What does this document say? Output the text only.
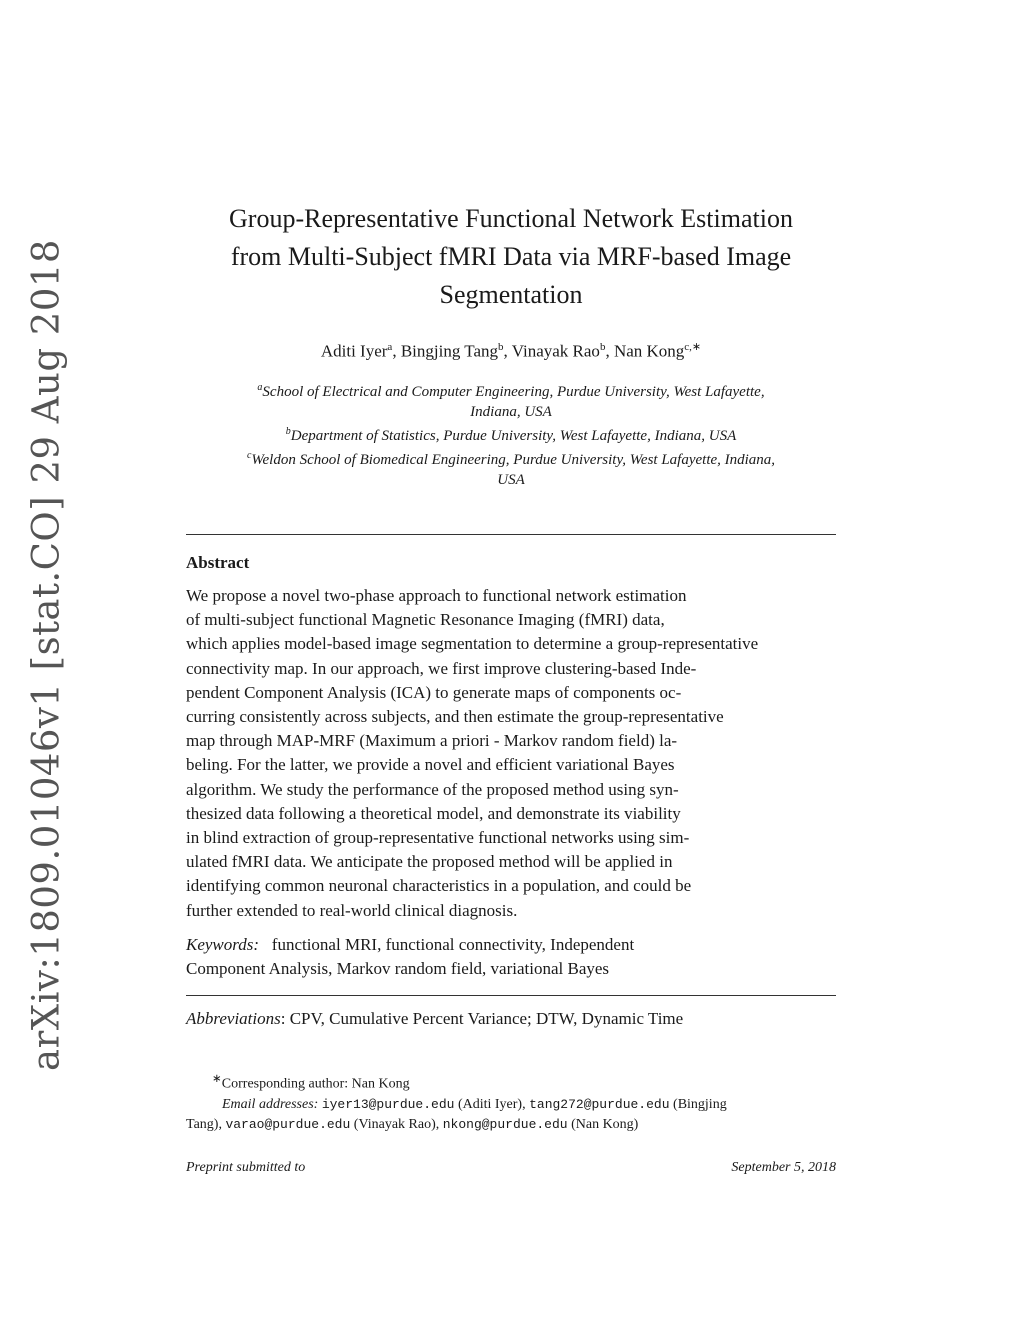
arXiv:1809.01046v1 [stat.CO] 29 Aug 2018
Group-Representative Functional Network Estimation
from Multi-Subject fMRI Data via MRF-based Image
Segmentation
Aditi Iyer$^a$, Bingjing Tang$^b$, Vinayak Rao$^b$, Nan Kong$^{c,∗}$
$^a$School of Electrical and Computer Engineering, Purdue University, West Lafayette,
Indiana, USA
$^b$Department of Statistics, Purdue University, West Lafayette, Indiana, USA
$^c$Weldon School of Biomedical Engineering, Purdue University, West Lafayette, Indiana,
USA
Abstract
We propose a novel two-phase approach to functional network estimation
of multi-subject functional Magnetic Resonance Imaging (fMRI) data,
which applies model-based image segmentation to determine a group-representative
connectivity map. In our approach, we first improve clustering-based Inde-
pendent Component Analysis (ICA) to generate maps of components oc-
curring consistently across subjects, and then estimate the group-representative
map through MAP-MRF (Maximum a priori - Markov random field) la-
beling. For the latter, we provide a novel and efficient variational Bayes
algorithm. We study the performance of the proposed method using syn-
thesized data following a theoretical model, and demonstrate its viability
in blind extraction of group-representative functional networks using sim-
ulated fMRI data. We anticipate the proposed method will be applied in
identifying common neuronal characteristics in a population, and could be
further extended to real-world clinical diagnosis.
Keywords: functional MRI, functional connectivity, Independent
Component Analysis, Markov random field, variational Bayes
Abbreviations: CPV, Cumulative Percent Variance; DTW, Dynamic Time
∗Corresponding author: Nan Kong
Email addresses: iyer13@purdue.edu (Aditi Iyer), tang272@purdue.edu (Bingjing
Tang), varao@purdue.edu (Vinayak Rao), nkong@purdue.edu (Nan Kong)
Preprint submitted to	September 5, 2018
